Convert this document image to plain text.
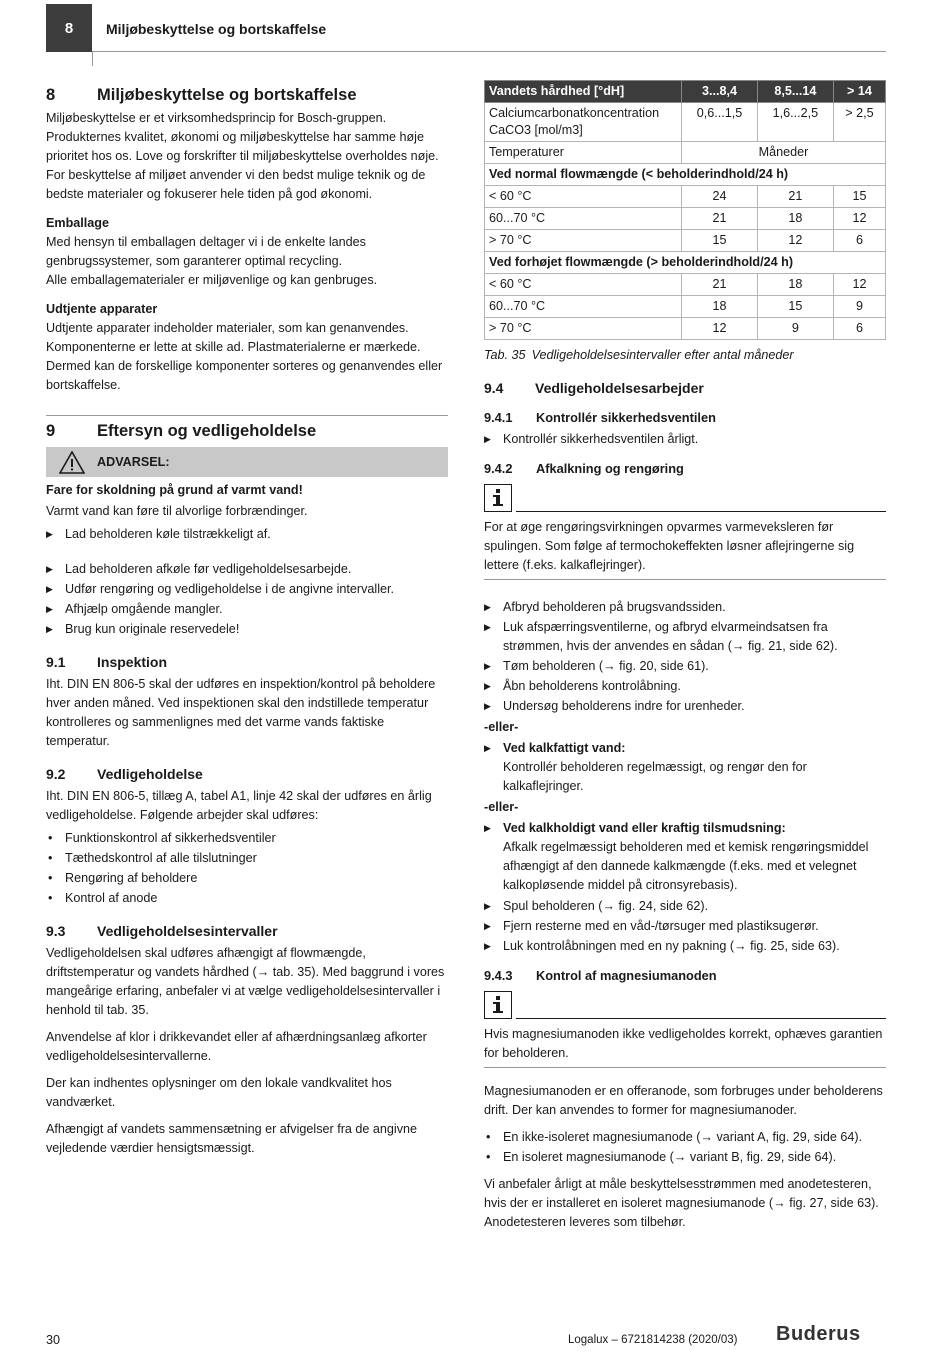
8 Miljøbeskyttelse og bortskaffelse
8	Miljøbeskyttelse og bortskaffelse

Miljøbeskyttelse er et virksomhedsprincip for Bosch-gruppen. Produkternes kvalitet, økonomi og miljøbeskyttelse har samme høje prioritet hos os. Love og forskrifter til miljøbeskyttelse overholdes nøje. For beskyttelse af miljøet anvender vi den bedst mulige teknik og de bedste materialer og fokuserer hele tiden på god økonomi.

Emballage

Med hensyn til emballagen deltager vi i de enkelte landes genbrugssystemer, som garanterer optimal recycling.

Alle emballagematerialer er miljøvenlige og kan genbruges.

Udtjente apparater

Udtjente apparater indeholder materialer, som kan genanvendes. Komponenterne er lette at skille ad. Plastmaterialerne er mærkede. Dermed kan de forskellige komponenter sorteres og genanvendes eller bortskaffelse.

9	Eftersyn og vedligeholdelse
ADVARSEL:
Fare for skoldning på grund af varmt vand!

Varmt vand kan føre til alvorlige forbrændinger.

▶ Lad beholderen køle tilstrækkeligt af.
▶ Lad beholderen afkøle før vedligeholdelsesarbejde.
▶ Udfør rengøring og vedligeholdelse i de angivne intervaller.
▶ Afhjælp omgående mangler.
▶ Brug kun originale reservedele!
9.1	Inspektion

Iht. DIN EN 806-5 skal der udføres en inspektion/kontrol på beholdere hver anden måned. Ved inspektionen skal den indstillede temperatur kontrolleres og sammenlignes med det varme vands faktiske temperatur.

9.2	Vedligeholdelse

Iht. DIN EN 806-5, tillæg A, tabel A1, linje 42 skal der udføres en årlig vedligeholdelse. Følgende arbejder skal udføres:

• Funktionskontrol af sikkerhedsventiler
• Tæthedskontrol af alle tilslutninger
• Rengøring af beholdere
• Kontrol af anode
9.3	Vedligeholdelsesintervaller

Vedligeholdelsen skal udføres afhængigt af flowmængde, driftstemperatur og vandets hårdhed (→ tab. 35). Med baggrund i vores mangeårige erfaring, anbefaler vi at vælge vedligeholdelsesintervaller i henhold til tab. 35.

Anvendelse af klor i drikkevandet eller af afhærdningsanlæg afkorter vedligeholdelsesintervallerne.

Der kan indhentes oplysninger om den lokale vandkvalitet hos vandværket.

Afhængigt af vandets sammensætning er afvigelser fra de angivne vejledende værdier hensigtsmæssigt.

Vandets hårdhed [°dH]	3...8,4	8,5...14	> 14
Calciumcarbonatkoncentration
CaCO3 [mol/m3]	0,6...1,5	1,6...2,5	> 2,5
Temperaturer	Måneder		
Ved normal flowmængde (< beholderindhold/24 h)			
< 60 °C	24	21	15
60...70 °C	21	18	12
> 70 °C	15	12	6
Ved forhøjet flowmængde (> beholderindhold/24 h)			
< 60 °C	21	18	12
60...70 °C	18	15	9
> 70 °C	12	9	6
Tab. 35 Vedligeholdelsesintervaller efter antal måneder
9.4	Vedligeholdelsesarbejder
9.4.1	Kontrollér sikkerhedsventilen
▶ Kontrollér sikkerhedsventilen årligt.
9.4.2	Afkalkning og rengøring

For at øge rengøringsvirkningen opvarmes varmeveksleren før spulingen. Som følge af termochokeffekten løsner aflejringerne sig lettere (f.eks. kalkaflejringer).

▶ Afbryd beholderen på brugsvandssiden.
▶ Luk afspærringsventilerne, og afbryd elvarmeindsatsen fra strømmen, hvis der anvendes en sådan (→ fig. 21, side 62).
▶ Tøm beholderen (→ fig. 20, side 61).
▶ Åbn beholderens kontrolåbning.
▶ Undersøg beholderens indre for urenheder.
-eller-
▶ Ved kalkfattigt vand:
Kontrollér beholderen regelmæssigt, og rengør den for kalkaflejringer.
-eller-
▶ Ved kalkholdigt vand eller kraftig tilsmudsning:
Afkalk regelmæssigt beholderen med et kemisk rengøringsmiddel afhængigt af den dannede kalkmængde (f.eks. med et velegnet kalkopløsende middel på citronsyrebasis).
▶ Spul beholderen (→ fig. 24, side 62).
▶ Fjern resterne med en våd-/tørsuger med plastiksugerør.
▶ Luk kontrolåbningen med en ny pakning (→ fig. 25, side 63).
9.4.3	Kontrol af magnesiumanoden

Hvis magnesiumanoden ikke vedligeholdes korrekt, ophæves garantien for beholderen.

Magnesiumanoden er en offeranode, som forbruges under beholderens drift. Der kan anvendes to former for magnesiumanoder.

• En ikke-isoleret magnesiumanode (→ variant A, fig. 29, side 64).
• En isoleret magnesiumanode (→ variant B, fig. 29, side 64).

Vi anbefaler årligt at måle beskyttelsesstrømmen med anodetesteren, hvis der er installeret en isoleret magnesiumanode (→ fig. 27, side 63). Anodetesteren leveres som tilbehør.

30	Logalux – 6721814238 (2020/03) Buderus
